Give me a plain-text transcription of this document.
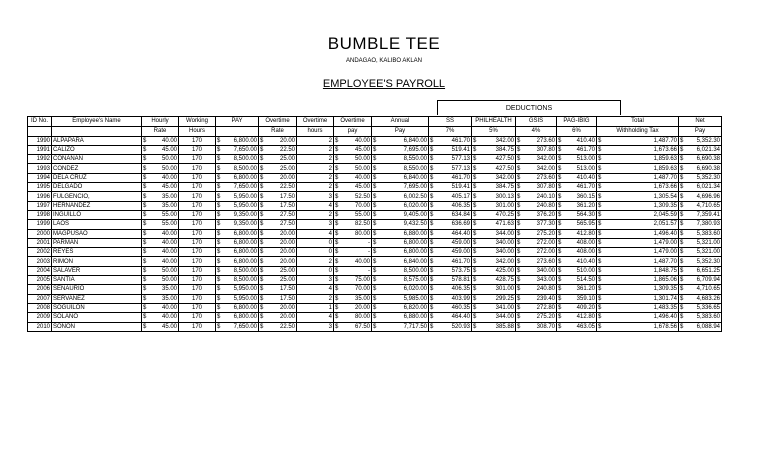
BUMBLE TEE
ANDAGAO, KALIBO AKLAN
EMPLOYEE'S PAYROLL
DEDUCTIONS
ID No.	Employee's Name	Hourly	Working	PAY	Overtime	Overtime	Overtime	Annual	SS	PHILHEALTH	GSIS	PAG-IBIG	Total	Net
		Rate	Hours		Rate	hours	pay	Pay	7%	5%	4%	6%	Withholding Tax	Pay
1990	ALPAPARA	$ 40.00	170	$ 6,800.00	$ 20.00	2	$ 40.00	$ 6,840.00	$ 461.70	$ 342.00	$ 273.60	$ 410.40	$ 1,487.70	$ 5,352.30
1991	CALIZO	$ 45.00	170	$ 7,650.00	$ 22.50	2	$ 45.00	$ 7,695.00	$ 519.41	$ 384.75	$ 307.80	$ 461.70	$ 1,673.66	$ 6,021.34
1992	CONANAN	$ 50.00	170	$ 8,500.00	$ 25.00	2	$ 50.00	$ 8,550.00	$ 577.13	$ 427.50	$ 342.00	$ 513.00	$ 1,859.63	$ 6,690.38
1993	CONDEZ	$ 50.00	170	$ 8,500.00	$ 25.00	2	$ 50.00	$ 8,550.00	$ 577.13	$ 427.50	$ 342.00	$ 513.00	$ 1,859.63	$ 6,690.38
1994	DELA CRUZ	$ 40.00	170	$ 6,800.00	$ 20.00	2	$ 40.00	$ 6,840.00	$ 461.70	$ 342.00	$ 273.60	$ 410.40	$ 1,487.70	$ 5,352.30
1995	DELGADO	$ 45.00	170	$ 7,650.00	$ 22.50	2	$ 45.00	$ 7,695.00	$ 519.41	$ 384.75	$ 307.80	$ 461.70	$ 1,673.66	$ 6,021.34
1996	FULGENCIO,	$ 35.00	170	$ 5,950.00	$ 17.50	3	$ 52.50	$ 6,002.50	$ 405.17	$ 300.13	$ 240.10	$ 360.15	$ 1,305.54	$ 4,696.96
1997	HERNANDEZ	$ 35.00	170	$ 5,950.00	$ 17.50	4	$ 70.00	$ 6,020.00	$ 406.35	$ 301.00	$ 240.80	$ 361.20	$ 1,309.35	$ 4,710.65
1998	INGUILLO	$ 55.00	170	$ 9,350.00	$ 27.50	2	$ 55.00	$ 9,405.00	$ 634.84	$ 470.25	$ 376.20	$ 564.30	$ 2,045.59	$ 7,359.41
1999	LAOS	$ 55.00	170	$ 9,350.00	$ 27.50	3	$ 82.50	$ 9,432.50	$ 636.69	$ 471.63	$ 377.30	$ 565.95	$ 2,051.57	$ 7,380.93
2000	MAGPUSAO	$ 40.00	170	$ 6,800.00	$ 20.00	4	$ 80.00	$ 6,880.00	$ 464.40	$ 344.00	$ 275.20	$ 412.80	$ 1,496.40	$ 5,383.60
2001	PARMAN	$ 40.00	170	$ 6,800.00	$ 20.00	0	$ -	$ 6,800.00	$ 459.00	$ 340.00	$ 272.00	$ 408.00	$ 1,479.00	$ 5,321.00
2002	REYES	$ 40.00	170	$ 6,800.00	$ 20.00	0	$ -	$ 6,800.00	$ 459.00	$ 340.00	$ 272.00	$ 408.00	$ 1,479.00	$ 5,321.00
2003	RIMON	$ 40.00	170	$ 6,800.00	$ 20.00	2	$ 40.00	$ 6,840.00	$ 461.70	$ 342.00	$ 273.60	$ 410.40	$ 1,487.70	$ 5,352.30
2004	SALAVER	$ 50.00	170	$ 8,500.00	$ 25.00	0	$ -	$ 8,500.00	$ 573.75	$ 425.00	$ 340.00	$ 510.00	$ 1,848.75	$ 6,651.25
2005	SANTIA	$ 50.00	170	$ 8,500.00	$ 25.00	3	$ 75.00	$ 8,575.00	$ 578.81	$ 428.75	$ 343.00	$ 514.50	$ 1,865.06	$ 6,709.94
2006	SENAURIO	$ 35.00	170	$ 5,950.00	$ 17.50	4	$ 70.00	$ 6,020.00	$ 406.35	$ 301.00	$ 240.80	$ 361.20	$ 1,309.35	$ 4,710.65
2007	SERVANEZ	$ 35.00	170	$ 5,950.00	$ 17.50	2	$ 35.00	$ 5,985.00	$ 403.99	$ 299.25	$ 239.40	$ 359.10	$ 1,301.74	$ 4,683.26
2008	SOGUILON	$ 40.00	170	$ 6,800.00	$ 20.00	1	$ 20.00	$ 6,820.00	$ 460.35	$ 341.00	$ 272.80	$ 409.20	$ 1,483.35	$ 5,336.65
2009	SOLANO	$ 40.00	170	$ 6,800.00	$ 20.00	4	$ 80.00	$ 6,880.00	$ 464.40	$ 344.00	$ 275.20	$ 412.80	$ 1,496.40	$ 5,383.60
2010	SONON	$ 45.00	170	$ 7,650.00	$ 22.50	3	$ 67.50	$ 7,717.50	$ 520.93	$ 385.88	$ 308.70	$ 463.05	$ 1,678.56	$ 6,088.94
